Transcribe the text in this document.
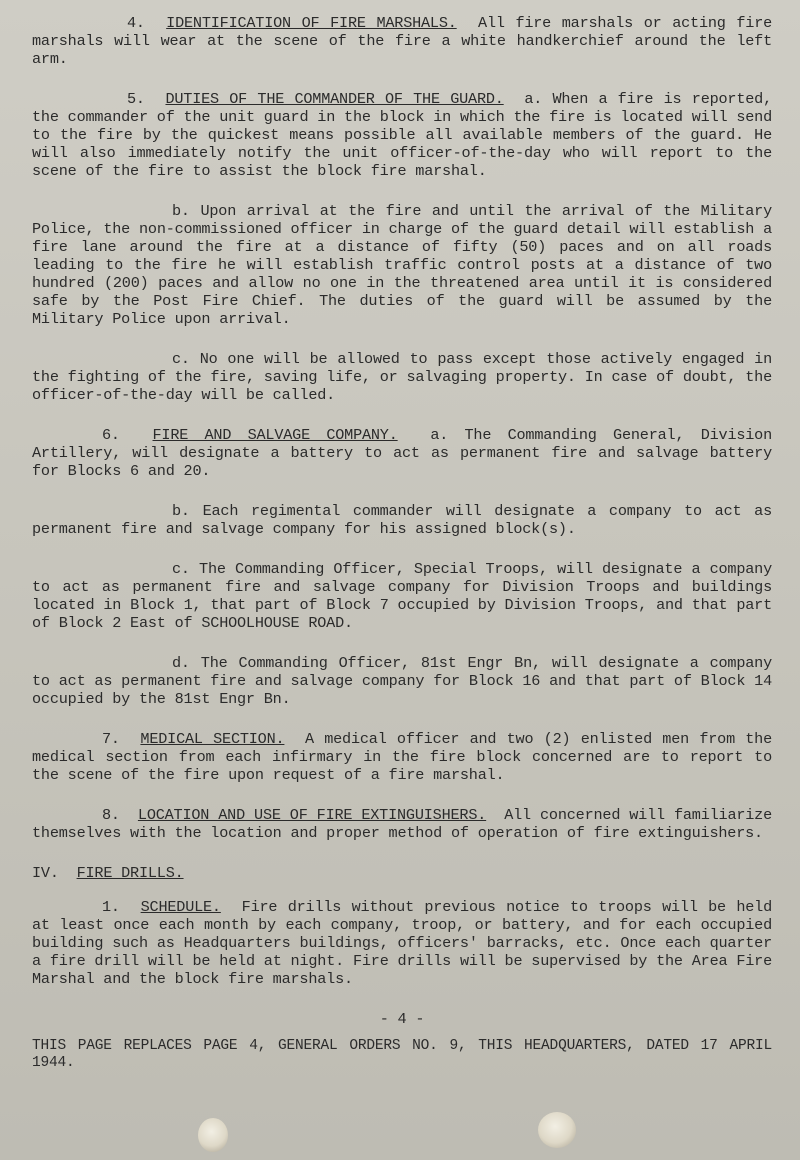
4. IDENTIFICATION OF FIRE MARSHALS. All fire marshals or acting fire marshals will wear at the scene of the fire a white handkerchief around the left arm.

5. DUTIES OF THE COMMANDER OF THE GUARD. a. When a fire is reported, the commander of the unit guard in the block in which the fire is located will send to the fire by the quickest means possible all available members of the guard. He will also immediately notify the unit officer-of-the-day who will report to the scene of the fire to assist the block fire marshal.

b. Upon arrival at the fire and until the arrival of the Military Police, the non-commissioned officer in charge of the guard detail will establish a fire lane around the fire at a distance of fifty (50) paces and on all roads leading to the fire he will establish traffic control posts at a distance of two hundred (200) paces and allow no one in the threatened area until it is considered safe by the Post Fire Chief. The duties of the guard will be assumed by the Military Police upon arrival.

c. No one will be allowed to pass except those actively engaged in the fighting of the fire, saving life, or salvaging property. In case of doubt, the officer-of-the-day will be called.

6. FIRE AND SALVAGE COMPANY. a. The Commanding General, Division Artillery, will designate a battery to act as permanent fire and salvage battery for Blocks 6 and 20.

b. Each regimental commander will designate a company to act as permanent fire and salvage company for his assigned block(s).

c. The Commanding Officer, Special Troops, will designate a company to act as permanent fire and salvage company for Division Troops and buildings located in Block 1, that part of Block 7 occupied by Division Troops, and that part of Block 2 East of SCHOOLHOUSE ROAD.

d. The Commanding Officer, 81st Engr Bn, will designate a company to act as permanent fire and salvage company for Block 16 and that part of Block 14 occupied by the 81st Engr Bn.

7. MEDICAL SECTION. A medical officer and two (2) enlisted men from the medical section from each infirmary in the fire block concerned are to report to the scene of the fire upon request of a fire marshal.

8. LOCATION AND USE OF FIRE EXTINGUISHERS. All concerned will familiarize themselves with the location and proper method of operation of fire extinguishers.

IV. FIRE DRILLS.

1. SCHEDULE. Fire drills without previous notice to troops will be held at least once each month by each company, troop, or battery, and for each occupied building such as Headquarters buildings, officers' barracks, etc. Once each quarter a fire drill will be held at night. Fire drills will be supervised by the Area Fire Marshal and the block fire marshals.

- 4 -

THIS PAGE REPLACES PAGE 4, GENERAL ORDERS NO. 9, THIS HEADQUARTERS, DATED 17 APRIL 1944.
